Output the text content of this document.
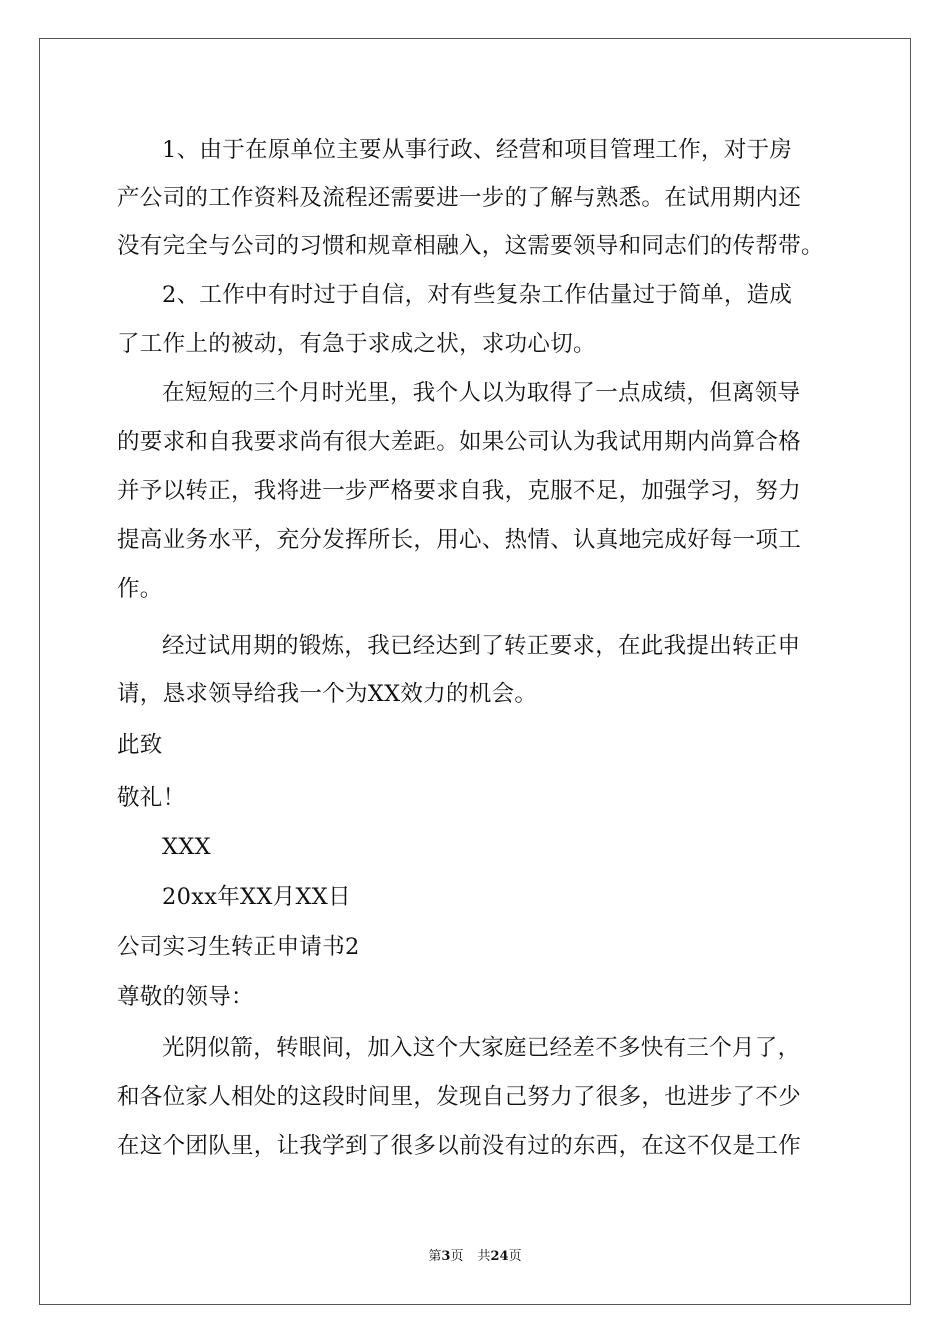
1、由于在原单位主要从事行政、经营和项目管理工作，对于房
产公司的工作资料及流程还需要进一步的了解与熟悉。在试用期内还
没有完全与公司的习惯和规章相融入，这需要领导和同志们的传帮带。
2、工作中有时过于自信，对有些复杂工作估量过于简单，造成
了工作上的被动，有急于求成之状，求功心切。
在短短的三个月时光里，我个人以为取得了一点成绩，但离领导
的要求和自我要求尚有很大差距。如果公司认为我试用期内尚算合格
并予以转正，我将进一步严格要求自我，克服不足，加强学习，努力
提高业务水平，充分发挥所长，用心、热情、认真地完成好每一项工
作。
经过试用期的锻炼，我已经达到了转正要求，在此我提出转正申
请，恳求领导给我一个为XX效力的机会。
此致
敬礼！
XXX
20xx年XX月XX日
公司实习生转正申请书2
尊敬的领导：
光阴似箭，转眼间，加入这个大家庭已经差不多快有三个月了，
和各位家人相处的这段时间里，发现自己努力了很多，也进步了不少
在这个团队里，让我学到了很多以前没有过的东西，在这不仅是工作
第3页 共24页
